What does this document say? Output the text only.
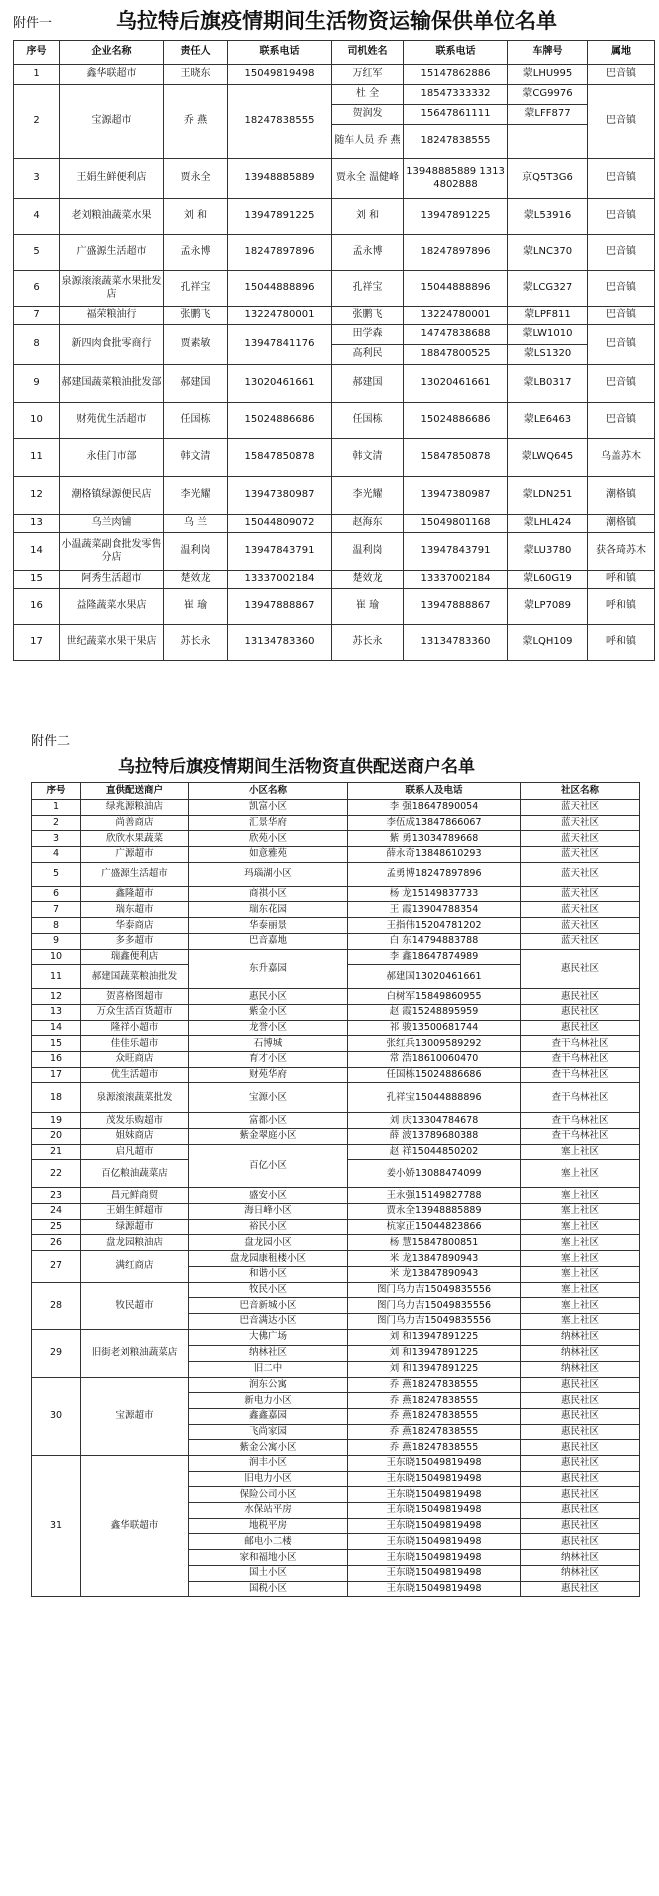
附件一	乌拉特后旗疫情期间生活物资运输保供单位名单
序号	企业名称	责任人	联系电话	司机姓名	联系电话	车牌号	属地
1	鑫华联超市	王晓东	15049819498	万红军	15147862886	蒙LHU995	巴音镇
2	宝源超市	乔 燕	18247838555	杜 全	18547333332	蒙CG9976	巴音镇
				贺润发	15647861111	蒙LFF877	
				随车人员 乔 燕	18247838555		
3	王娟生鲜便利店	贾永全	13948885889	贾永全 温健峰	13948885889 13134802888	京Q5T3G6	巴音镇
4	老刘粮油蔬菜水果	刘 和	13947891225	刘 和	13947891225	蒙L53916	巴音镇
5	广盛源生活超市	孟永博	18247897896	孟永博	18247897896	蒙LNC370	巴音镇
6	泉源滚滚蔬菜水果批发店	孔祥宝	15044888896	孔祥宝	15044888896	蒙LCG327	巴音镇
7	福荣粮油行	张鹏飞	13224780001	张鹏飞	13224780001	蒙LPF811	巴音镇
8	新四肉食批零商行	贾素敏	13947841176	田学森	14747838688	蒙LW1010	巴音镇
				高利民	18847800525	蒙LS1320	
9	郝建国蔬菜粮油批发部	郝建国	13020461661	郝建国	13020461661	蒙LB0317	巴音镇
10	财苑优生活超市	任国栋	15024886686	任国栋	15024886686	蒙LE6463	巴音镇
11	永佳门市部	韩文清	15847850878	韩文清	15847850878	蒙LWQ645	乌盖苏木
12	潮格镇绿源便民店	李光耀	13947380987	李光耀	13947380987	蒙LDN251	潮格镇
13	乌兰肉铺	乌 兰	15044809072	赵海东	15049801168	蒙LHL424	潮格镇
14	小温蔬菜副食批发零售分店	温利岗	13947843791	温利岗	13947843791	蒙LU3780	获各琦苏木
15	阿秀生活超市	楚效龙	13337002184	楚效龙	13337002184	蒙L60G19	呼和镇
16	益隆蔬菜水果店	崔 瑜	13947888867	崔 瑜	13947888867	蒙LP7089	呼和镇
17	世纪蔬菜水果干果店	苏长永	13134783360	苏长永	13134783360	蒙LQH109	呼和镇
附件二
乌拉特后旗疫情期间生活物资直供配送商户名单
序号	直供配送商户	小区名称	联系人及电话	社区名称
1	绿兆源粮油店	凯富小区	李 强18647890054	蓝天社区
2	尚善商店	汇景华府	李伍成13847866067	蓝天社区
3	欣欣水果蔬菜	欣苑小区	紫 勇13034789668	蓝天社区
4	广源超市	如意雅苑	薛永奇13848610293	蓝天社区
5	广盛源生活超市	玛瑙湖小区	孟勇博18247897896	蓝天社区
6	鑫隆超市	商祺小区	杨 龙15149837733	蓝天社区
7	瑞东超市	瑞东花园	王 霞13904788354	蓝天社区
8	华泰商店	华泰丽景	王指伟15204781202	蓝天社区
9	多多超市	巴音嘉地	白 东14794883788	蓝天社区
10	瑞鑫便利店	东升嘉园	李 鑫18647874989	惠民社区
11	郝建国蔬菜粮油批发		郝建国13020461661	
12	贺喜格图超市	惠民小区	白树军15849860955	惠民社区
13	万众生活百货超市	紫金小区	赵 霞15248895959	惠民社区
14	隆祥小超市	龙誉小区	祁 骏13500681744	惠民社区
15	佳佳乐超市	石博城	张红兵13009589292	查干乌林社区
16	众旺商店	育才小区	常 浩18610060470	查干乌林社区
17	优生活超市	财苑华府	任国栋15024886686	查干乌林社区
18	泉源滚滚蔬菜批发	宝源小区	孔祥宝15044888896	查干乌林社区
19	茂发乐购超市	富都小区	刘 庆13304784678	查干乌林社区
20	姐妹商店	紫金翠庭小区	薛 波13789680388	查干乌林社区
21	启凡超市	百亿小区	赵 祥15044850202	塞上社区
22	百亿粮油蔬菜店		姜小娇13088474099	塞上社区
23	昌元鲜商贸	盛安小区	王永强15149827788	塞上社区
24	王娟生鲜超市	海日峰小区	贾永全13948885889	塞上社区
25	绿源超市	裕民小区	杭家正15044823866	塞上社区
26	盘龙园粮油店	盘龙园小区	杨 慧15847800851	塞上社区
27	满红商店	盘龙园康租楼小区	米 龙13847890943	塞上社区
		和谐小区	米 龙13847890943	塞上社区
28	牧民超市	牧民小区	图门乌力吉15049835556	塞上社区
		巴音新城小区	图门乌力吉15049835556	塞上社区
		巴音满达小区	图门乌力吉15049835556	塞上社区
29	旧街老刘粮油蔬菜店	大佛广场	刘 和13947891225	纳林社区
		纳林社区	刘 和13947891225	纳林社区
		旧二中	刘 和13947891225	纳林社区
30	宝源超市	润东公寓	乔 燕18247838555	惠民社区
		新电力小区	乔 燕18247838555	惠民社区
		鑫鑫嘉园	乔 燕18247838555	惠民社区
		飞尚家园	乔 燕18247838555	惠民社区
		紫金公寓小区	乔 燕18247838555	惠民社区
31	鑫华联超市	润丰小区	王东晓15049819498	惠民社区
		旧电力小区	王东晓15049819498	惠民社区
		保险公司小区	王东晓15049819498	惠民社区
		水保站平房	王东晓15049819498	惠民社区
		地税平房	王东晓15049819498	惠民社区
		邮电小二楼	王东晓15049819498	惠民社区
		家和福地小区	王东晓15049819498	纳林社区
		国土小区	王东晓15049819498	纳林社区
		国税小区	王东晓15049819498	惠民社区
